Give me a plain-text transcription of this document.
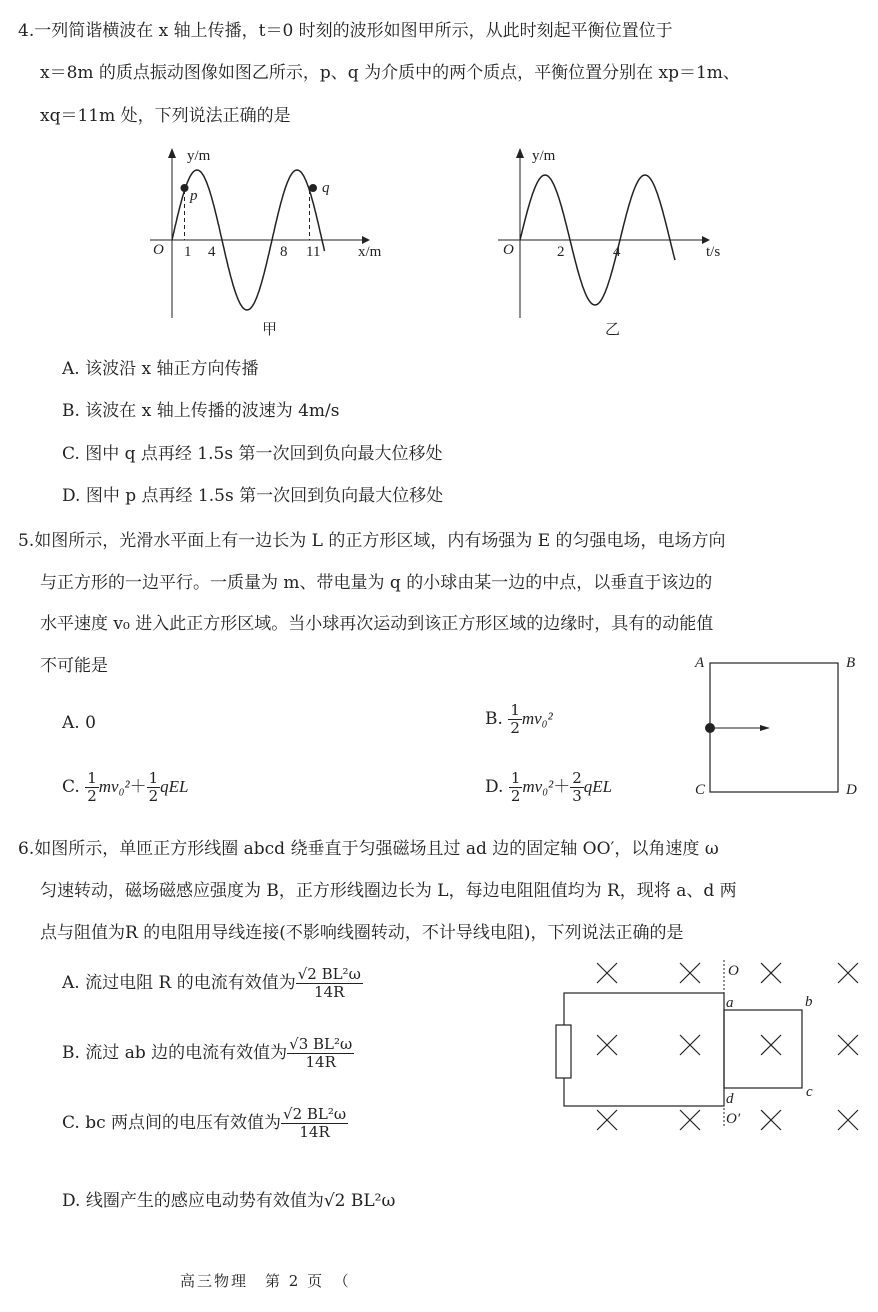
4.一列简谐横波在 x 轴上传播，t＝0 时刻的波形如图甲所示，从此时刻起平衡位置位于
x＝8m 的质点振动图像如图乙所示，p、q 为介质中的两个质点，平衡位置分别在 xp＝1m、
xq＝11m 处，下列说法正确的是
y/m
x/m
O 1 4	8 11
p	q
甲
y/m
t/s
O	2	4
乙
A. 该波沿 x 轴正方向传播
B. 该波在 x 轴上传播的波速为 4m/s
C. 图中 q 点再经 1.5s 第一次回到负向最大位移处
D. 图中 p 点再经 1.5s 第一次回到负向最大位移处
5.如图所示，光滑水平面上有一边长为 L 的正方形区域，内有场强为 E 的匀强电场，电场方向
与正方形的一边平行。一质量为 m、带电量为 q 的小球由某一边的中点，以垂直于该边的
水平速度 v₀ 进入此正方形区域。当小球再次运动到该正方形区域的边缘时，具有的动能值
不可能是
A. 0	B. $\frac{1}{2} mv_0^2$
C. $\frac{1}{2} mv_0^2+ \frac{1}{2}$ qEL	D. $\frac{1}{2} mv_0^2+ \frac{2}{3}$ qEL
A	B
C	D
6.如图所示，单匝正方形线圈 abcd 绕垂直于匀强磁场且过 ad 边的固定轴 OO′，以角速度 ω
匀速转动，磁场磁感应强度为 B，正方形线圈边长为 L，每边电阻阻值均为 R，现将 a、d 两
点与阻值为R 的电阻用导线连接(不影响线圈转动，不计导线电阻)，下列说法正确的是
A. 流过电阻 R 的电流有效值为 $\frac{\text{√2 BL²ω}}{14R}$
B. 流过 ab 边的电流有效值为 $\frac{\text{√3 BL²ω}}{14R}$
C. bc 两点间的电压有效值为 $\frac{\text{√2 BL²ω}}{14R}$
D. 线圈产生的感应电动势有效值为√2 BL²ω
O
O′
a	b
c
d
高三物理　第 2 页　（
